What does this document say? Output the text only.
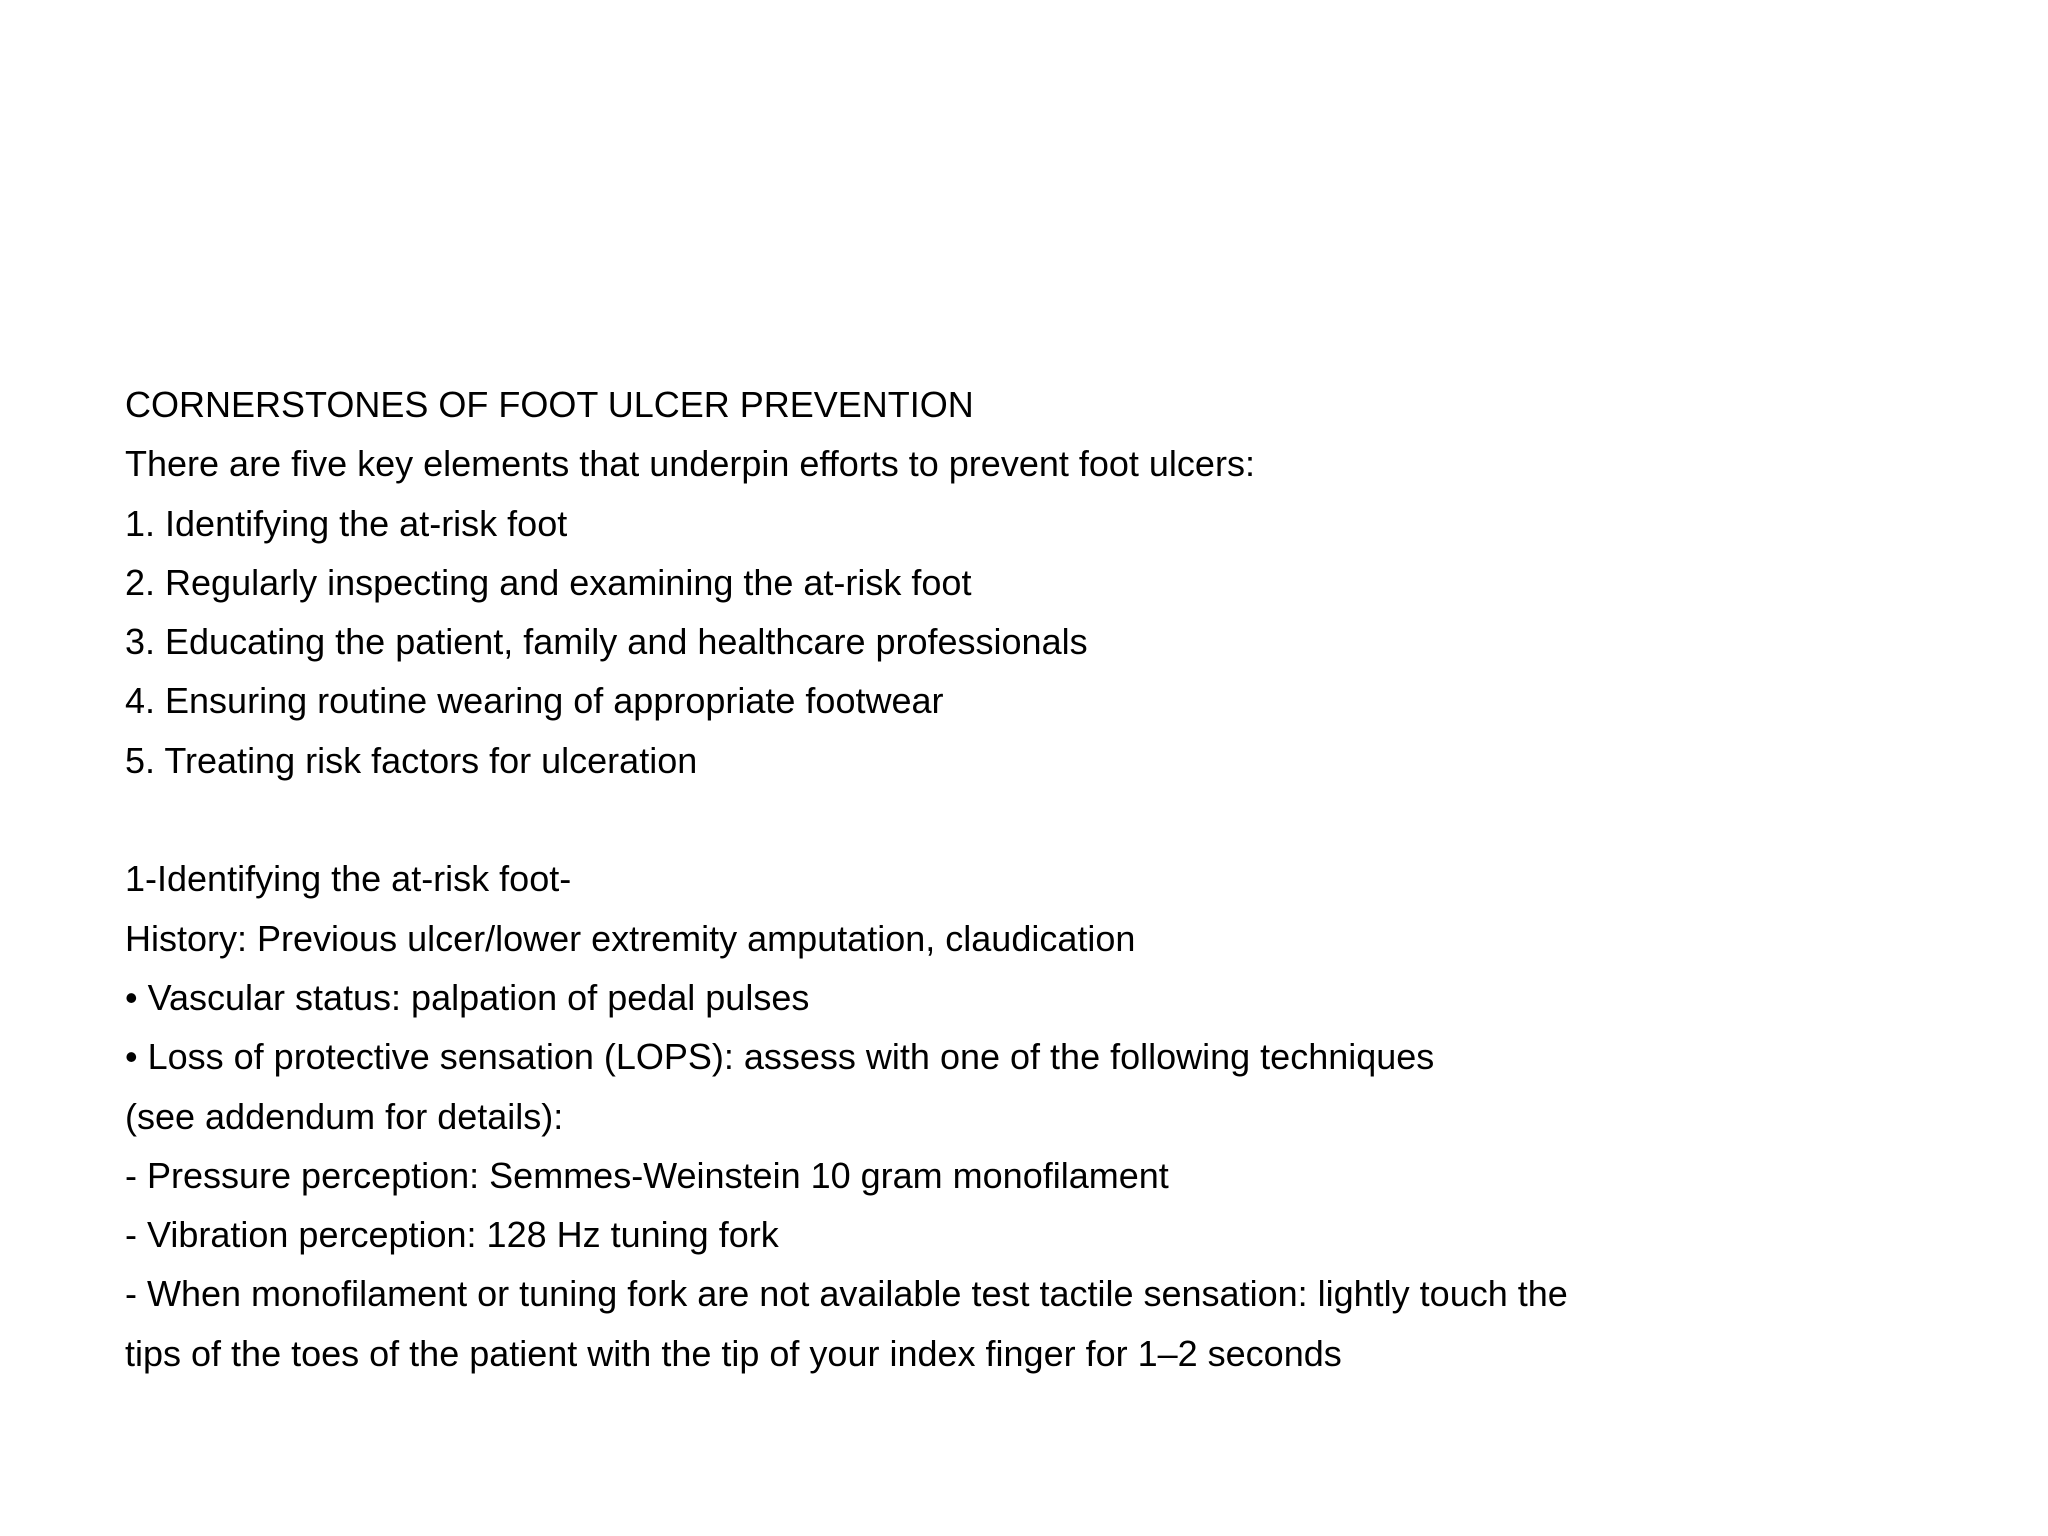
CORNERSTONES OF FOOT ULCER PREVENTION
There are five key elements that underpin efforts to prevent foot ulcers:
1. Identifying the at-risk foot
2. Regularly inspecting and examining the at-risk foot
3. Educating the patient, family and healthcare professionals
4. Ensuring routine wearing of appropriate footwear
5. Treating risk factors for ulceration
1-Identifying the at-risk foot-
History: Previous ulcer/lower extremity amputation, claudication
• Vascular status: palpation of pedal pulses
• Loss of protective sensation (LOPS): assess with one of the following techniques
(see addendum for details):
- Pressure perception: Semmes-Weinstein 10 gram monofilament
- Vibration perception: 128 Hz tuning fork
- When monofilament or tuning fork are not available test tactile sensation: lightly touch the
tips of the toes of the patient with the tip of your index finger for 1–2 seconds
